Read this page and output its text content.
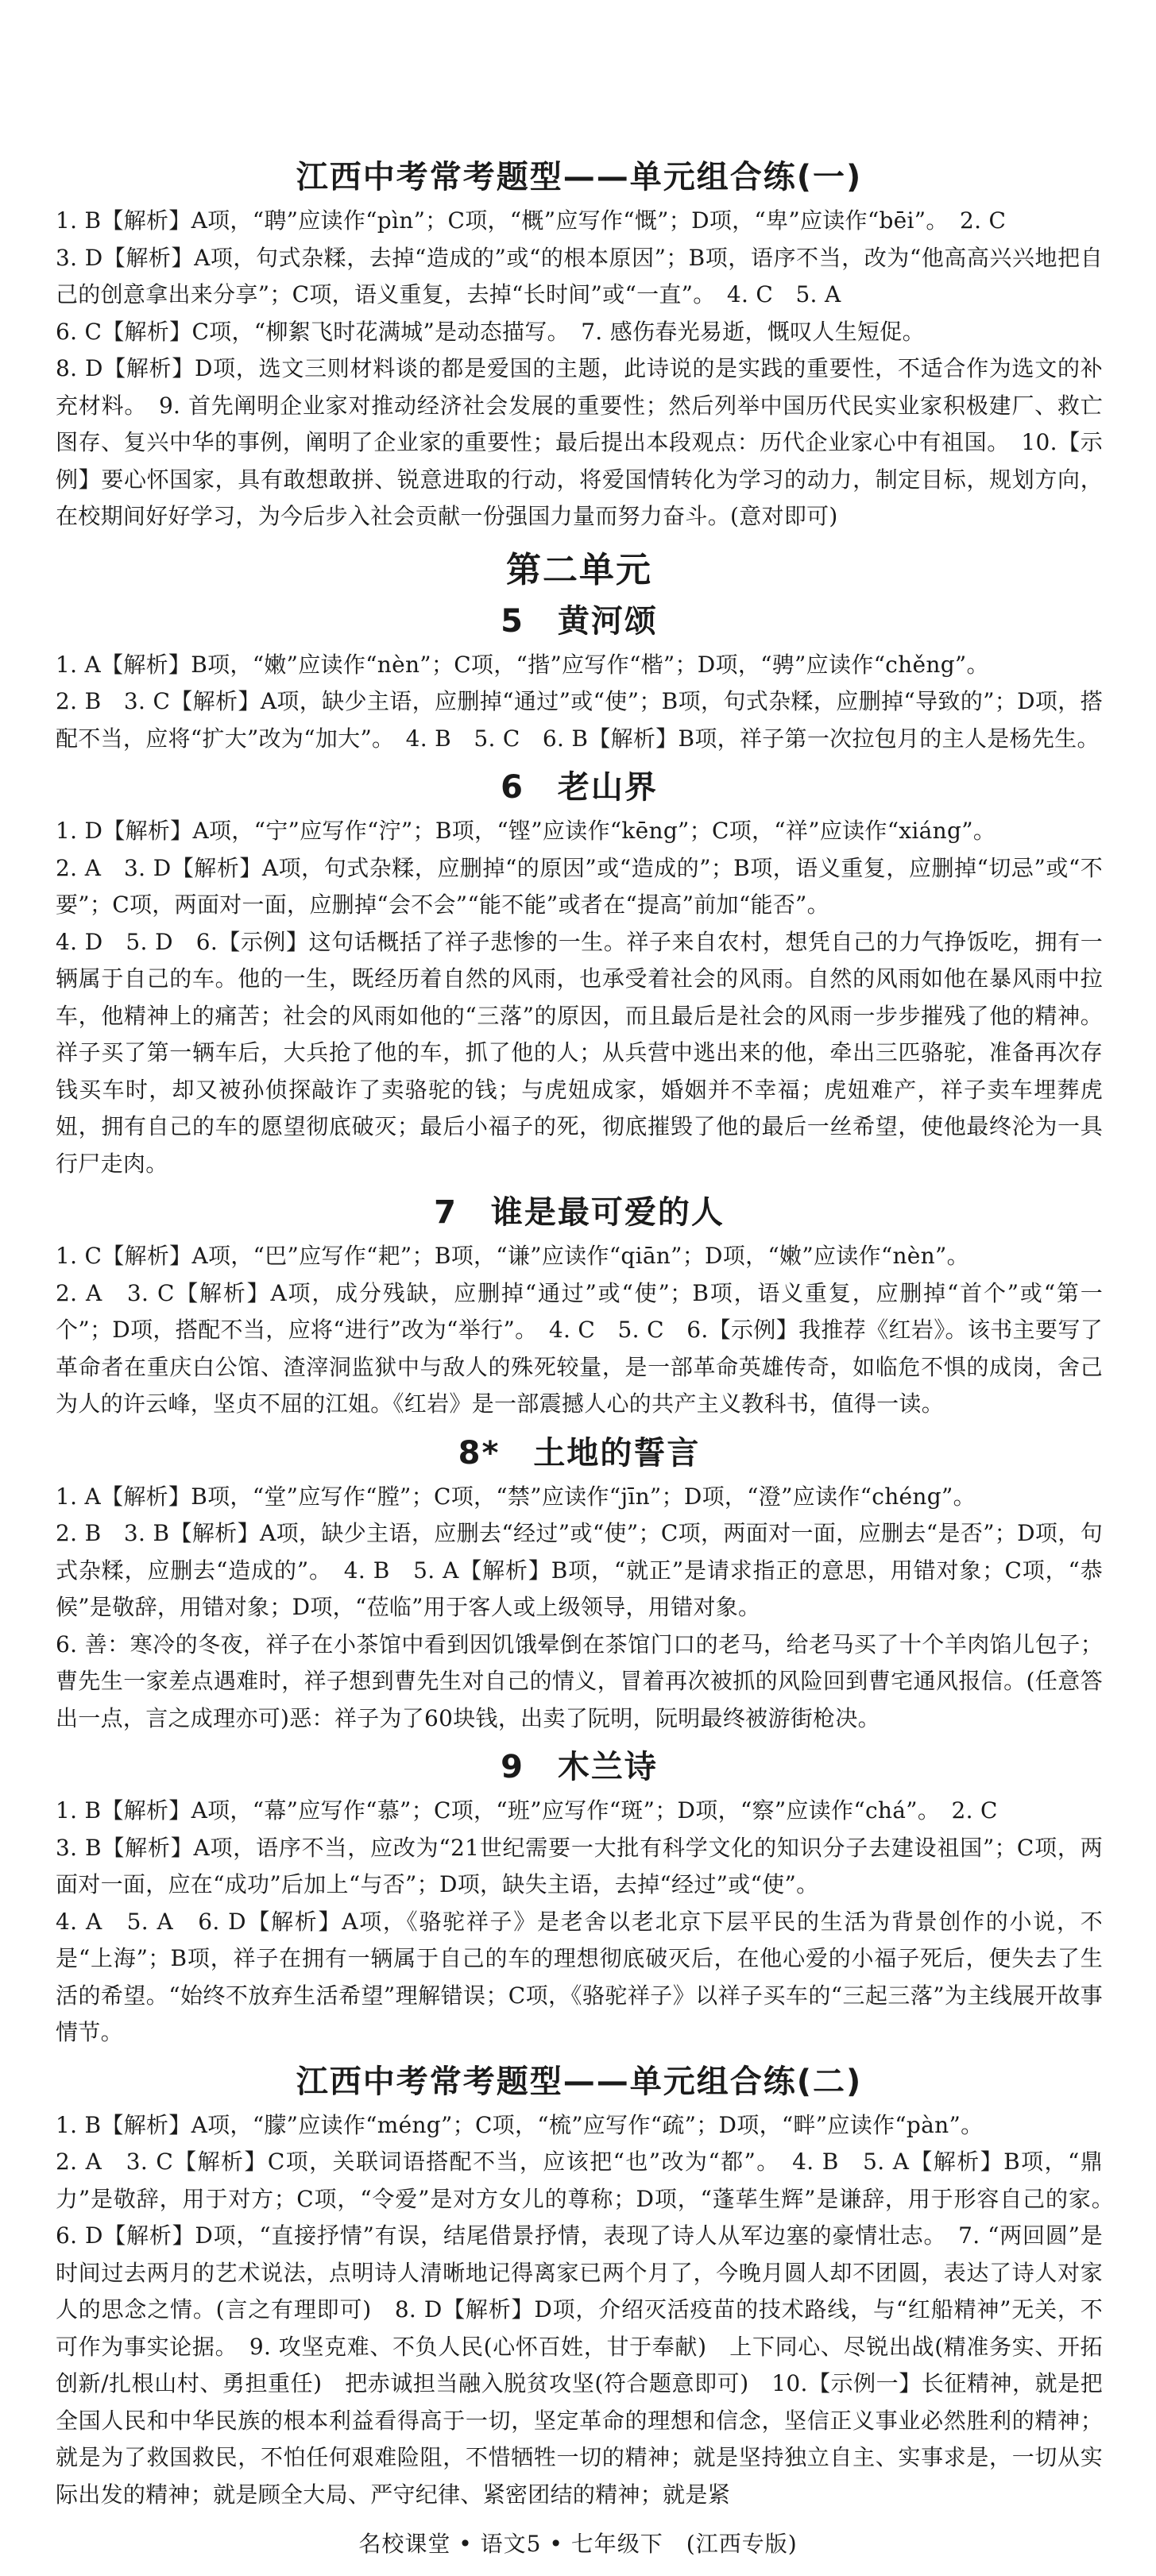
江西中考常考题型——单元组合练(一)

1. B【解析】A项，“聘”应读作“pìn”；C项，“概”应写作“慨”；D项，“卑”应读作“bēi”。　2. C

3. D【解析】A项，句式杂糅，去掉“造成的”或“的根本原因”；B项，语序不当，改为“他高高兴兴地把自己的创意拿出来分享”；C项，语义重复，去掉“长时间”或“一直”。　4. C　5. A

6. C【解析】C项，“柳絮飞时花满城”是动态描写。　7. 感伤春光易逝，慨叹人生短促。

8. D【解析】D项，选文三则材料谈的都是爱国的主题，此诗说的是实践的重要性，不适合作为选文的补充材料。　9. 首先阐明企业家对推动经济社会发展的重要性；然后列举中国历代民实业家积极建厂、救亡图存、复兴中华的事例，阐明了企业家的重要性；最后提出本段观点：历代企业家心中有祖国。　10.【示例】要心怀国家，具有敢想敢拼、锐意进取的行动，将爱国情转化为学习的动力，制定目标，规划方向，在校期间好好学习，为今后步入社会贡献一份强国力量而努力奋斗。(意对即可)

第二单元
5　黄河颂

1. A【解析】B项，“嫩”应读作“nèn”；C项，“揩”应写作“楷”；D项，“骋”应读作“chěng”。

2. B　3. C【解析】A项，缺少主语，应删掉“通过”或“使”；B项，句式杂糅，应删掉“导致的”；D项，搭配不当，应将“扩大”改为“加大”。　4. B　5. C　6. B【解析】B项，祥子第一次拉包月的主人是杨先生。

6　老山界

1. D【解析】A项，“宁”应写作“泞”；B项，“铿”应读作“kēng”；C项，“祥”应读作“xiáng”。

2. A　3. D【解析】A项，句式杂糅，应删掉“的原因”或“造成的”；B项，语义重复，应删掉“切忌”或“不要”；C项，两面对一面，应删掉“会不会”“能不能”或者在“提高”前加“能否”。

4. D　5. D　6.【示例】这句话概括了祥子悲惨的一生。祥子来自农村，想凭自己的力气挣饭吃，拥有一辆属于自己的车。他的一生，既经历着自然的风雨，也承受着社会的风雨。自然的风雨如他在暴风雨中拉车，他精神上的痛苦；社会的风雨如他的“三落”的原因，而且最后是社会的风雨一步步摧残了他的精神。祥子买了第一辆车后，大兵抢了他的车，抓了他的人；从兵营中逃出来的他，牵出三匹骆驼，准备再次存钱买车时，却又被孙侦探敲诈了卖骆驼的钱；与虎妞成家，婚姻并不幸福；虎妞难产，祥子卖车埋葬虎妞，拥有自己的车的愿望彻底破灭；最后小福子的死，彻底摧毁了他的最后一丝希望，使他最终沦为一具行尸走肉。

7　谁是最可爱的人

1. C【解析】A项，“巴”应写作“耙”；B项，“谦”应读作“qiān”；D项，“嫩”应读作“nèn”。

2. A　3. C【解析】A项，成分残缺，应删掉“通过”或“使”；B项，语义重复，应删掉“首个”或“第一个”；D项，搭配不当，应将“进行”改为“举行”。　4. C　5. C　6.【示例】我推荐《红岩》。该书主要写了革命者在重庆白公馆、渣滓洞监狱中与敌人的殊死较量，是一部革命英雄传奇，如临危不惧的成岗，舍己为人的许云峰，坚贞不屈的江姐。《红岩》是一部震撼人心的共产主义教科书，值得一读。

8*　土地的誓言

1. A【解析】B项，“堂”应写作“膛”；C项，“禁”应读作“jīn”；D项，“澄”应读作“chéng”。

2. B　3. B【解析】A项，缺少主语，应删去“经过”或“使”；C项，两面对一面，应删去“是否”；D项，句式杂糅，应删去“造成的”。　4. B　5. A【解析】B项，“就正”是请求指正的意思，用错对象；C项，“恭候”是敬辞，用错对象；D项，“莅临”用于客人或上级领导，用错对象。

6. 善：寒冷的冬夜，祥子在小茶馆中看到因饥饿晕倒在茶馆门口的老马，给老马买了十个羊肉馅儿包子；曹先生一家差点遇难时，祥子想到曹先生对自己的情义，冒着再次被抓的风险回到曹宅通风报信。(任意答出一点，言之成理亦可)恶：祥子为了60块钱，出卖了阮明，阮明最终被游街枪决。

9　木兰诗

1. B【解析】A项，“幕”应写作“慕”；C项，“班”应写作“斑”；D项，“察”应读作“chá”。　2. C

3. B【解析】A项，语序不当，应改为“21世纪需要一大批有科学文化的知识分子去建设祖国”；C项，两面对一面，应在“成功”后加上“与否”；D项，缺失主语，去掉“经过”或“使”。

4. A　5. A　6. D【解析】A项，《骆驼祥子》是老舍以老北京下层平民的生活为背景创作的小说，不是“上海”；B项，祥子在拥有一辆属于自己的车的理想彻底破灭后，在他心爱的小福子死后，便失去了生活的希望。“始终不放弃生活希望”理解错误；C项，《骆驼祥子》以祥子买车的“三起三落”为主线展开故事情节。

江西中考常考题型——单元组合练(二)

1. B【解析】A项，“朦”应读作“méng”；C项，“梳”应写作“疏”；D项，“畔”应读作“pàn”。

2. A　3. C【解析】C项，关联词语搭配不当，应该把“也”改为“都”。　4. B　5. A【解析】B项，“鼎力”是敬辞，用于对方；C项，“令爱”是对方女儿的尊称；D项，“蓬荜生辉”是谦辞，用于形容自己的家。　6. D【解析】D项，“直接抒情”有误，结尾借景抒情，表现了诗人从军边塞的豪情壮志。　7. “两回圆”是时间过去两月的艺术说法，点明诗人清晰地记得离家已两个月了，今晚月圆人却不团圆，表达了诗人对家人的思念之情。(言之有理即可)　8. D【解析】D项，介绍灭活疫苗的技术路线，与“红船精神”无关，不可作为事实论据。　9. 攻坚克难、不负人民(心怀百姓，甘于奉献)　上下同心、尽锐出战(精准务实、开拓创新/扎根山村、勇担重任)　把赤诚担当融入脱贫攻坚(符合题意即可)　10.【示例一】长征精神，就是把全国人民和中华民族的根本利益看得高于一切，坚定革命的理想和信念，坚信正义事业必然胜利的精神；就是为了救国救民，不怕任何艰难险阻，不惜牺牲一切的精神；就是坚持独立自主、实事求是，一切从实际出发的精神；就是顾全大局、严守纪律、紧密团结的精神；就是紧

名校课堂 • 语文5 • 七年级下　(江西专版)
